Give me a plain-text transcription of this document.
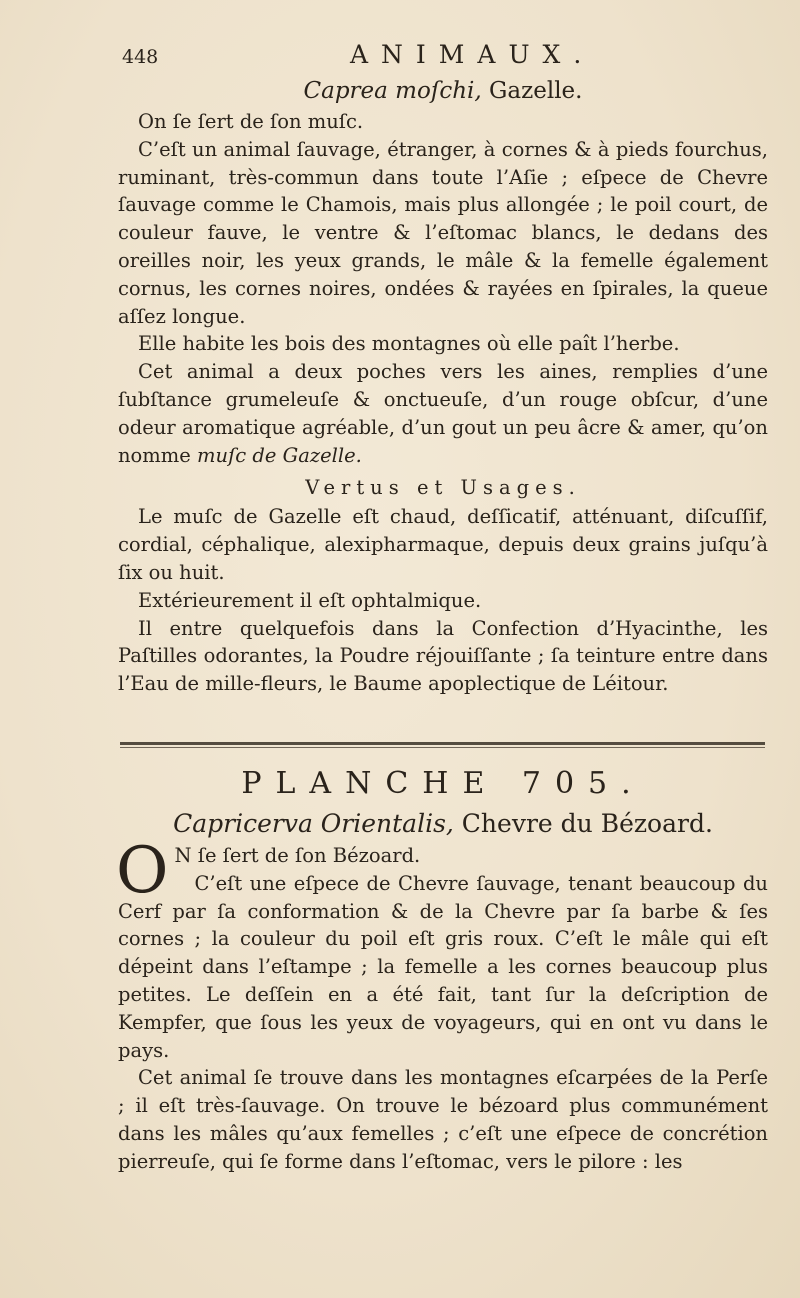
448	ANIMAUX.
Caprea moſchi, Gazelle.

On ſe ſert de ſon muſc.

C’eſt un animal ſauvage, étranger, à cornes & à pieds fourchus, ruminant, très-commun dans toute l’Aſie ; eſpece de Chevre ſauvage comme le Chamois, mais plus allongée ; le poil court, de couleur fauve, le ventre & l’eſtomac blancs, le dedans des oreilles noir, les yeux grands, le mâle & la femelle également cornus, les cornes noires, ondées & rayées en ſpirales, la queue aſſez longue.

Elle habite les bois des montagnes où elle paît l’herbe.

Cet animal a deux poches vers les aines, remplies d’une ſubſtance grumeleuſe & onctueuſe, d’un rouge obſcur, d’une odeur aromatique agréable, d’un gout un peu âcre & amer, qu’on nomme muſc de Gazelle.

Vertus et Usages.

Le muſc de Gazelle eſt chaud, deſſicatif, atténuant, diſcuſſif, cordial, céphalique, alexipharmaque, depuis deux grains juſqu’à ſix ou huit.

Extérieurement il eſt ophtalmique.

Il entre quelquefois dans la Confection d’Hyacinthe, les Paſtilles odorantes, la Poudre réjouiſſante ; ſa teinture entre dans l’Eau de mille-fleurs, le Baume apoplectique de Léitour.

PLANCHE 705.
Capricerva Orientalis, Chevre du Bézoard.

O N ſe ſert de ſon Bézoard.

C’eſt une eſpece de Chevre ſauvage, tenant beaucoup du Cerf par ſa conformation & de la Chevre par ſa barbe & ſes cornes ; la couleur du poil eſt gris roux. C’eſt le mâle qui eſt dépeint dans l’eſtampe ; la femelle a les cornes beaucoup plus petites. Le deſſein en a été fait, tant ſur la deſcription de Kempfer, que ſous les yeux de voyageurs, qui en ont vu dans le pays.

Cet animal ſe trouve dans les montagnes eſcarpées de la Perſe ; il eſt très-ſauvage. On trouve le bézoard plus communément dans les mâles qu’aux femelles ; c’eſt une eſpece de concrétion pierreuſe, qui ſe forme dans l’eſtomac, vers le pilore : les
